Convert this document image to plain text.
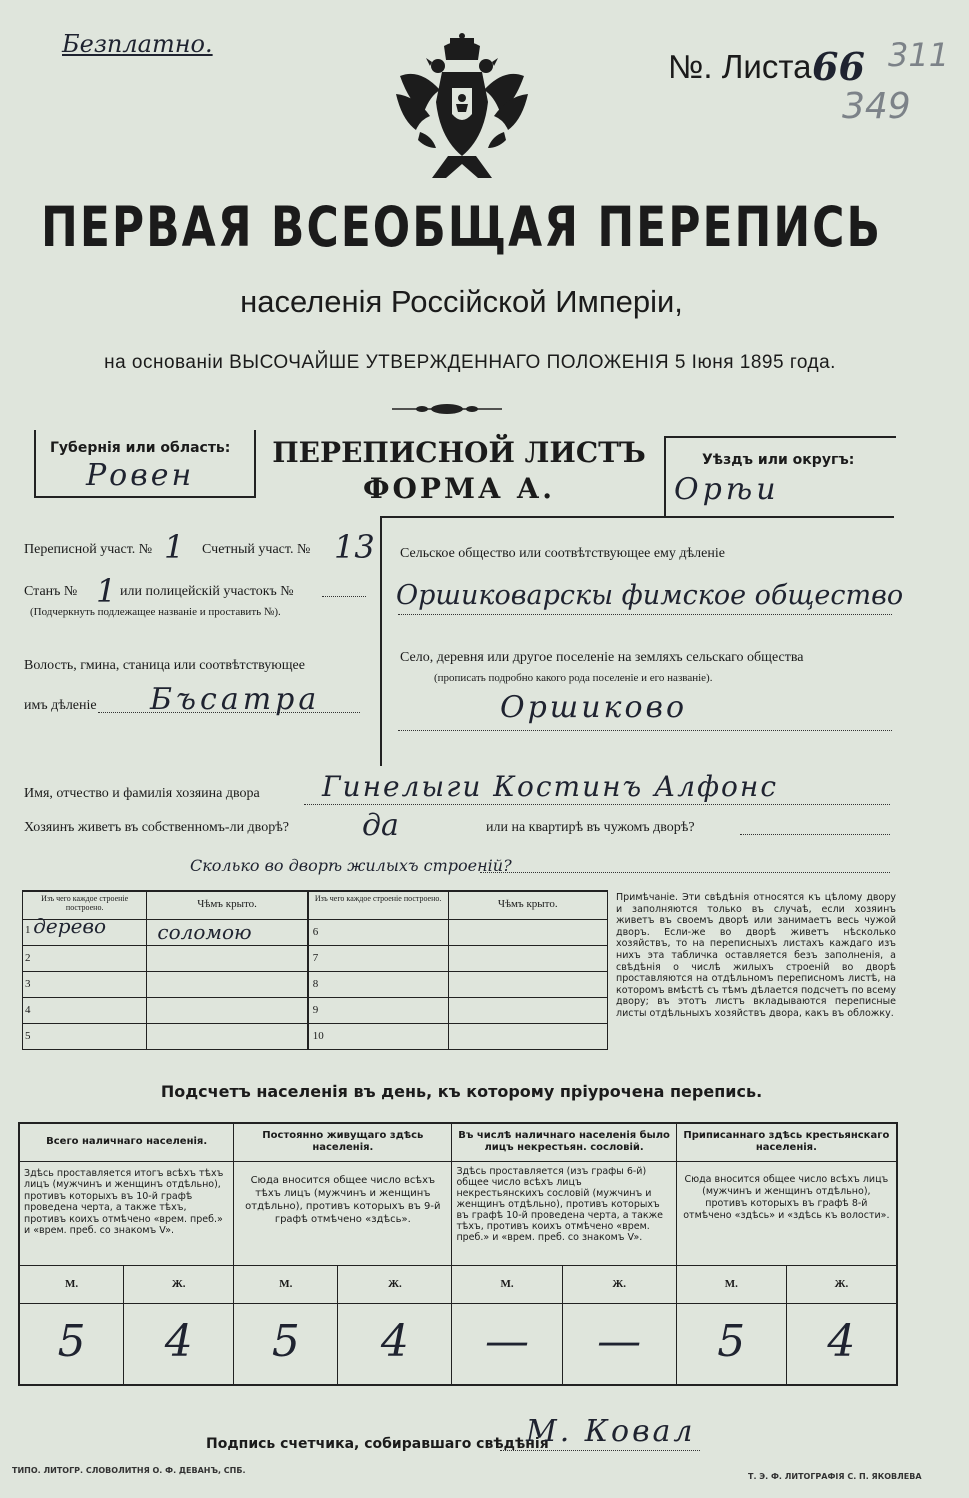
Безплатно.
№. Листа 66 311
349
ПЕРВАЯ ВСЕОБЩАЯ ПЕРЕПИСЬ
населенія Россійской Имперіи,
на основаніи ВЫСОЧАЙШЕ УТВЕРЖДЕННАГО ПОЛОЖЕНІЯ 5 Іюня 1895 года.
Губернія или область:
Ровен
ПЕРЕПИСНОЙ ЛИСТЪ
ФОРМА А.
Уѣздъ или округъ:
Орѣи
Переписной участ. № 1 Счетный участ. № 13
Станъ № 1 или полицейскій участокъ №
(Подчеркнуть подлежащее названіе и проставить №).
Волость, гмина, станица или соотвѣтствующее
имъ дѣленіе Бъсатра
Сельское общество или соотвѣтствующее ему дѣленіе
Оршиковарскы фимское общество
Село, деревня или другое поселеніе на земляхъ сельскаго общества
(прописать подробно какого рода поселеніе и его названіе).
Оршиково
Имя, отчество и фамилія хозяина двора Гинелыги Костинъ Алфонс
Хозяинъ живетъ въ собственномъ-ли дворѣ? да	или на квартирѣ въ чужомъ дворѣ?
Сколько во дворѣ жилыхъ строеній?
Изъ чего каждое строеніе построено.	Чѣмъ крыто.	Изъ чего каждое строеніе построено.	Чѣмъ крыто.

1 дерево	соломою	6	

2		7	

3		8	

4		9	

5		10	

Примѣчаніе. Эти свѣдѣнія относятся къ цѣлому двору и заполняются только въ случаѣ, если хозяинъ живетъ въ своемъ дворѣ или занимаетъ весь чужой дворъ. Если-же во дворѣ живетъ нѣсколько хозяйствъ, то на переписныхъ листахъ каждаго изъ нихъ эта табличка оставляется безъ заполненія, а свѣдѣнія о числѣ жилыхъ строеній во дворѣ проставляются на отдѣльномъ переписномъ листѣ, на которомъ вмѣстѣ съ тѣмъ дѣлается подсчетъ по всему двору; въ этотъ листъ вкладываются переписные листы отдѣльныхъ хозяйствъ двора, какъ въ обложку.
Подсчетъ населенія въ день, къ которому пріурочена перепись.
Всего наличнаго населенія.		Постоянно живущаго здѣсь населенія.		Въ числѣ наличнаго населенія было лицъ некрестьян. сословій.		Приписаннаго здѣсь крестьянскаго населенія.	

Здѣсь проставляется итогъ всѣхъ тѣхъ лицъ (мужчинъ и женщинъ отдѣльно), противъ которыхъ въ 10-й графѣ проведена черта, а также тѣхъ, противъ коихъ отмѣчено «врем. преб.» и «врем. преб. со знакомъ V».		Сюда вносится общее число всѣхъ тѣхъ лицъ (мужчинъ и женщинъ отдѣльно), противъ которыхъ въ 9-й графѣ отмѣчено «здѣсь».		Здѣсь проставляется (изъ графы 6-й) общее число всѣхъ лицъ некрестьянскихъ сословій (мужчинъ и женщинъ отдѣльно), противъ которыхъ въ графѣ 10-й проведена черта, а также тѣхъ, противъ коихъ отмѣчено «врем. преб.» и «врем. преб. со знакомъ V».		Сюда вносится общее число всѣхъ лицъ (мужчинъ и женщинъ отдѣльно), противъ которыхъ въ графѣ 8-й отмѣчено «здѣсь» и «здѣсь къ волости».	

М.	Ж.	М.	Ж.	М.	Ж.	М.	Ж.

5	4	5	4	—	—	5	4
Подпись счетчика, собиравшаго свѣдѣнія
М. Ковал
ТИПО. ЛИТОГР. СЛОВОЛИТНЯ О. Ф. ДЕВАНЪ, СПБ.
Т. Э. Ф. ЛИТОГРАФІЯ С. П. ЯКОВЛЕВА
